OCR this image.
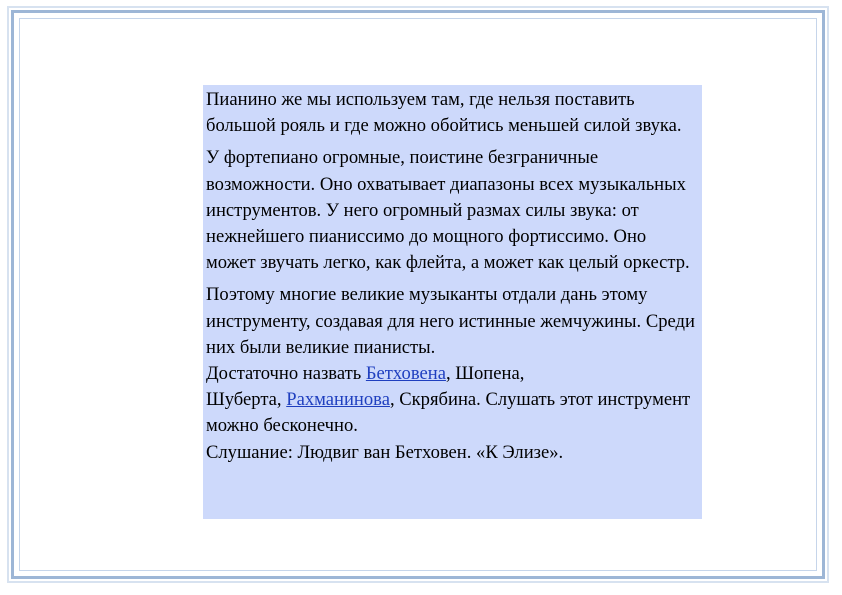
Пианино же мы используем там, где нельзя поставить большой рояль и где можно обойтись меньшей силой звука.

У фортепиано огромные, поистине безграничные возможности. Оно охватывает диапазоны всех музыкальных инструментов. У него огромный размах силы звука: от нежнейшего пианиссимо до мощного фортиссимо. Оно может звучать легко, как флейта, а может как целый оркестр.

Поэтому многие великие музыканты отдали дань этому инструменту, создавая для него истинные жемчужины. Среди них были великие пианисты.
Достаточно назвать Бетховена, Шопена,
Шуберта, Рахманинова, Скрябина. Слушать этот инструмент можно бесконечно.
Слушание: Людвиг ван Бетховен. «К Элизе».
